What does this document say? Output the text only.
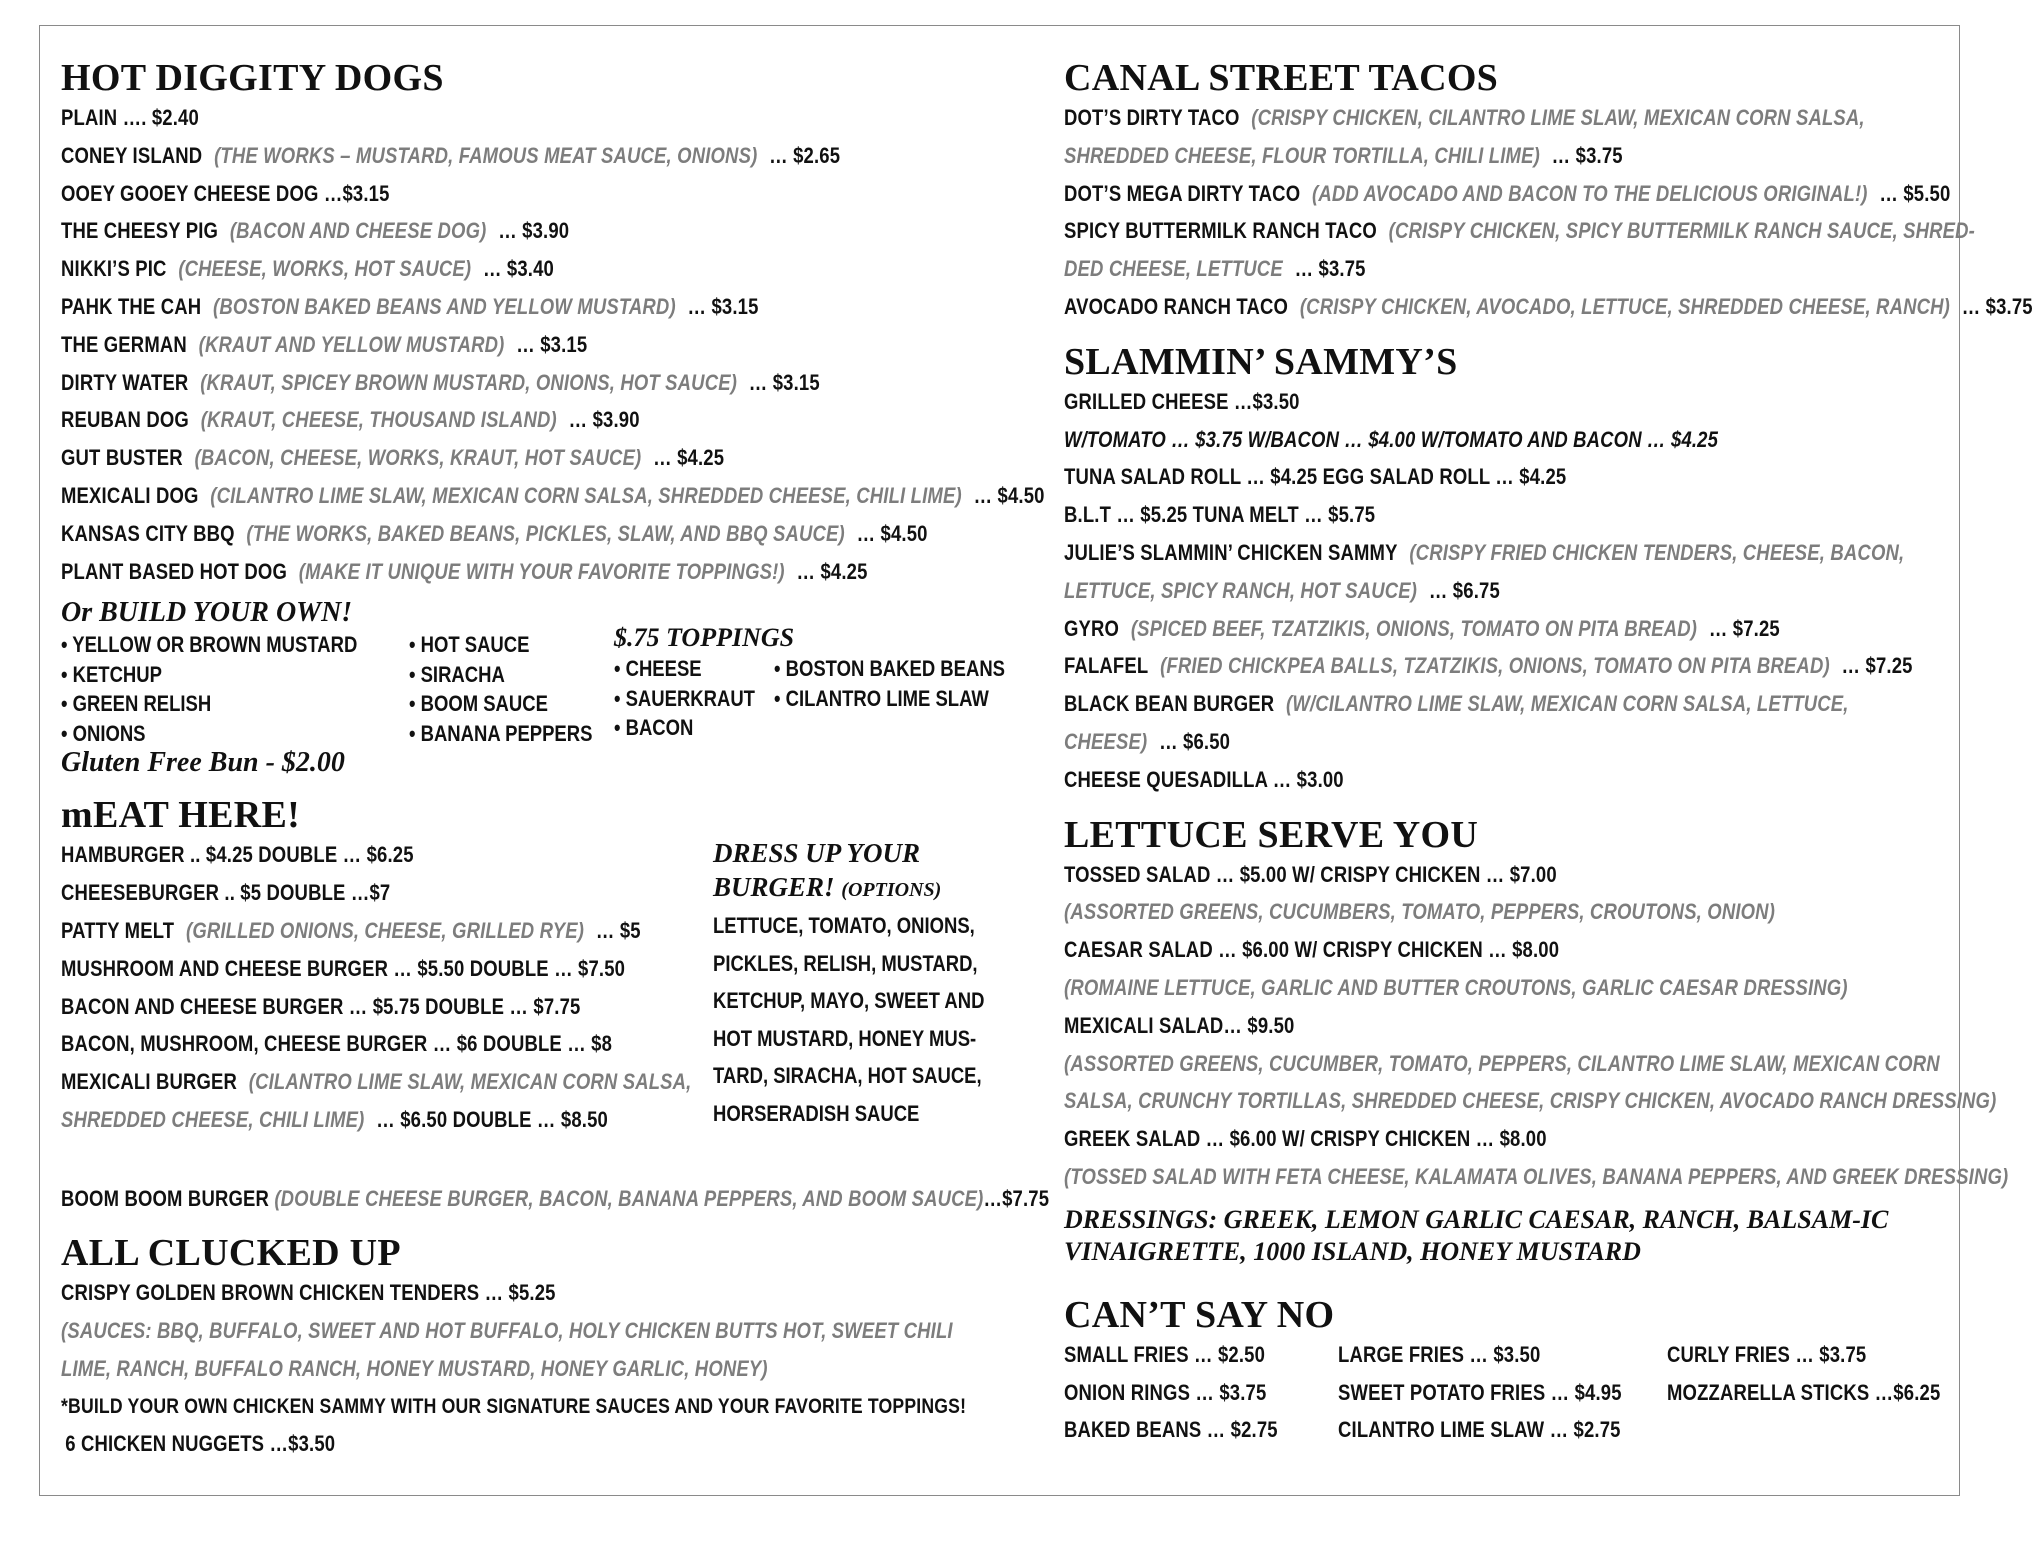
HOT DIGGITY DOGS
PLAIN …. $2.40
CONEY ISLAND (THE WORKS – MUSTARD, FAMOUS MEAT SAUCE, ONIONS) … $2.65
OOEY GOOEY CHEESE DOG …$3.15
THE CHEESY PIG (BACON AND CHEESE DOG) … $3.90
NIKKI’S PIC (CHEESE, WORKS, HOT SAUCE) … $3.40
PAHK THE CAH (BOSTON BAKED BEANS AND YELLOW MUSTARD) … $3.15
THE GERMAN (KRAUT AND YELLOW MUSTARD) … $3.15
DIRTY WATER (KRAUT, SPICEY BROWN MUSTARD, ONIONS, HOT SAUCE) … $3.15
REUBAN DOG (KRAUT, CHEESE, THOUSAND ISLAND) … $3.90
GUT BUSTER (BACON, CHEESE, WORKS, KRAUT, HOT SAUCE) … $4.25
MEXICALI DOG (CILANTRO LIME SLAW, MEXICAN CORN SALSA, SHREDDED CHEESE, CHILI LIME) … $4.50
KANSAS CITY BBQ (THE WORKS, BAKED BEANS, PICKLES, SLAW, AND BBQ SAUCE) … $4.50
PLANT BASED HOT DOG (MAKE IT UNIQUE WITH YOUR FAVORITE TOPPINGS!) … $4.25
Or BUILD YOUR OWN!
• YELLOW OR BROWN MUSTARD
• KETCHUP
• GREEN RELISH
• ONIONS
• HOT SAUCE
• SIRACHA
• BOOM SAUCE
• BANANA PEPPERS
$.75 TOPPINGS
• CHEESE
• SAUERKRAUT
• BACON
• BOSTON BAKED BEANS
• CILANTRO LIME SLAW
Gluten Free Bun - $2.00
mEAT HERE!
HAMBURGER .. $4.25 DOUBLE … $6.25
CHEESEBURGER .. $5 DOUBLE …$7
PATTY MELT (GRILLED ONIONS, CHEESE, GRILLED RYE) … $5
MUSHROOM AND CHEESE BURGER … $5.50 DOUBLE … $7.50
BACON AND CHEESE BURGER … $5.75 DOUBLE … $7.75
BACON, MUSHROOM, CHEESE BURGER … $6 DOUBLE … $8
MEXICALI BURGER (CILANTRO LIME SLAW, MEXICAN CORN SALSA,
SHREDDED CHEESE, CHILI LIME) … $6.50 DOUBLE … $8.50
DRESS UP YOUR BURGER! (OPTIONS)
LETTUCE, TOMATO, ONIONS, PICKLES, RELISH, MUSTARD, KETCHUP, MAYO, SWEET AND HOT MUSTARD, HONEY MUS-TARD, SIRACHA, HOT SAUCE, HORSERADISH SAUCE
BOOM BOOM BURGER (DOUBLE CHEESE BURGER, BACON, BANANA PEPPERS, AND BOOM SAUCE)…$7.75
ALL CLUCKED UP
CRISPY GOLDEN BROWN CHICKEN TENDERS … $5.25
(SAUCES: BBQ, BUFFALO, SWEET AND HOT BUFFALO, HOLY CHICKEN BUTTS HOT, SWEET CHILI
LIME, RANCH, BUFFALO RANCH, HONEY MUSTARD, HONEY GARLIC, HONEY)
*BUILD YOUR OWN CHICKEN SAMMY WITH OUR SIGNATURE SAUCES AND YOUR FAVORITE TOPPINGS!
6 CHICKEN NUGGETS …$3.50
CANAL STREET TACOS
DOT’S DIRTY TACO (CRISPY CHICKEN, CILANTRO LIME SLAW, MEXICAN CORN SALSA,
SHREDDED CHEESE, FLOUR TORTILLA, CHILI LIME) … $3.75
DOT’S MEGA DIRTY TACO (ADD AVOCADO AND BACON TO THE DELICIOUS ORIGINAL!) … $5.50
SPICY BUTTERMILK RANCH TACO (CRISPY CHICKEN, SPICY BUTTERMILK RANCH SAUCE, SHRED-
DED CHEESE, LETTUCE … $3.75
AVOCADO RANCH TACO (CRISPY CHICKEN, AVOCADO, LETTUCE, SHREDDED CHEESE, RANCH) … $3.75
SLAMMIN’ SAMMY’S
GRILLED CHEESE …$3.50
W/TOMATO … $3.75 W/BACON … $4.00 W/TOMATO AND BACON … $4.25
TUNA SALAD ROLL … $4.25 EGG SALAD ROLL … $4.25
B.L.T … $5.25 TUNA MELT … $5.75
JULIE’S SLAMMIN’ CHICKEN SAMMY (CRISPY FRIED CHICKEN TENDERS, CHEESE, BACON,
LETTUCE, SPICY RANCH, HOT SAUCE) … $6.75
GYRO (SPICED BEEF, TZATZIKIS, ONIONS, TOMATO ON PITA BREAD) … $7.25
FALAFEL (FRIED CHICKPEA BALLS, TZATZIKIS, ONIONS, TOMATO ON PITA BREAD) … $7.25
BLACK BEAN BURGER (W/CILANTRO LIME SLAW, MEXICAN CORN SALSA, LETTUCE,
CHEESE) … $6.50
CHEESE QUESADILLA … $3.00
LETTUCE SERVE YOU
TOSSED SALAD … $5.00 W/ CRISPY CHICKEN … $7.00
(ASSORTED GREENS, CUCUMBERS, TOMATO, PEPPERS, CROUTONS, ONION)
CAESAR SALAD … $6.00 W/ CRISPY CHICKEN … $8.00
(ROMAINE LETTUCE, GARLIC AND BUTTER CROUTONS, GARLIC CAESAR DRESSING)
MEXICALI SALAD… $9.50
(ASSORTED GREENS, CUCUMBER, TOMATO, PEPPERS, CILANTRO LIME SLAW, MEXICAN CORN
SALSA, CRUNCHY TORTILLAS, SHREDDED CHEESE, CRISPY CHICKEN, AVOCADO RANCH DRESSING)
GREEK SALAD … $6.00 W/ CRISPY CHICKEN … $8.00
(TOSSED SALAD WITH FETA CHEESE, KALAMATA OLIVES, BANANA PEPPERS, AND GREEK DRESSING)
DRESSINGS: GREEK, LEMON GARLIC CAESAR, RANCH, BALSAM-IC VINAIGRETTE, 1000 ISLAND, HONEY MUSTARD
CAN’T SAY NO
SMALL FRIES … $2.50
ONION RINGS … $3.75
BAKED BEANS … $2.75
LARGE FRIES … $3.50
SWEET POTATO FRIES … $4.95
CILANTRO LIME SLAW … $2.75
CURLY FRIES … $3.75
MOZZARELLA STICKS …$6.25
